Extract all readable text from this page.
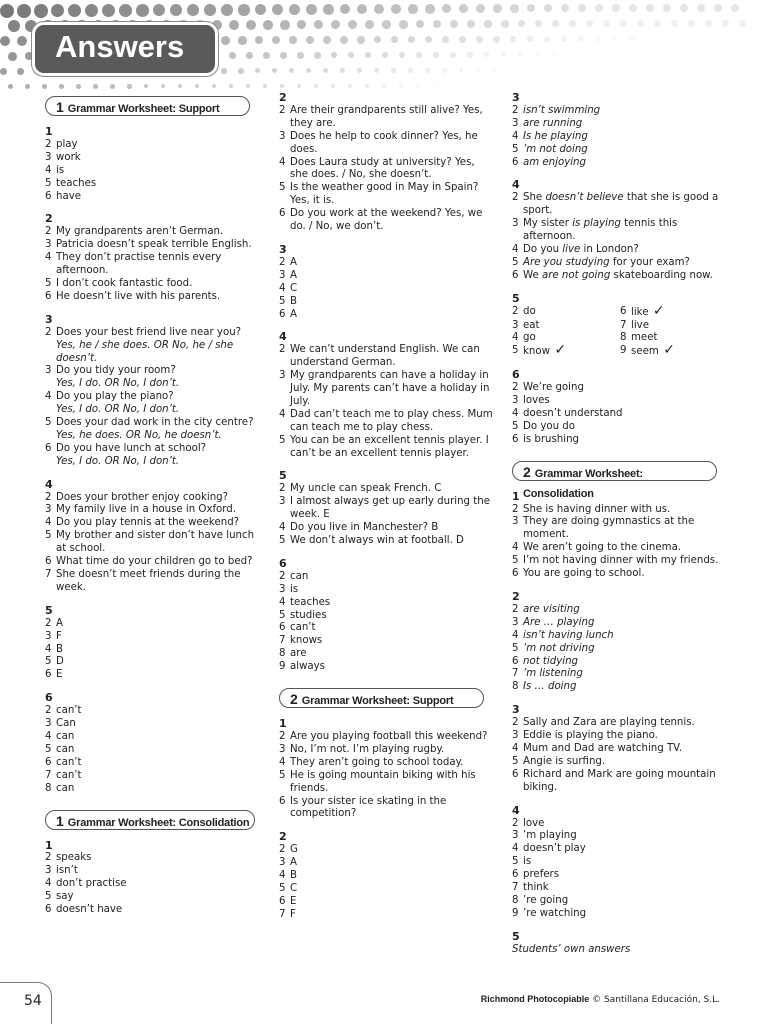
Answers
1 Grammar Worksheet: Support
1
2 play
3 work
4 is
5 teaches
6 have
2
2 My grandparents aren’t German.
3 Patricia doesn’t speak terrible English.
4 They don’t practise tennis every afternoon.
5 I don’t cook fantastic food.
6 He doesn’t live with his parents.
3
2 Does your best friend live near you?
Yes, he / she does. OR No, he / she doesn’t.
3 Do you tidy your room?
Yes, I do. OR No, I don’t.
4 Do you play the piano?
Yes, I do. OR No, I don’t.
5 Does your dad work in the city centre?
Yes, he does. OR No, he doesn’t.
6 Do you have lunch at school?
Yes, I do. OR No, I don’t.
4
2 Does your brother enjoy cooking?
3 My family live in a house in Oxford.
4 Do you play tennis at the weekend?
5 My brother and sister don’t have lunch at school.
6 What time do your children go to bed?
7 She doesn’t meet friends during the week.
5
2 A
3 F
4 B
5 D
6 E
6
2 can’t
3 Can
4 can
5 can
6 can’t
7 can’t
8 can
1 Grammar Worksheet: Consolidation
1
2 speaks
3 isn’t
4 don’t practise
5 say
6 doesn’t have
2
2 Are their grandparents still alive? Yes, they are.
3 Does he help to cook dinner? Yes, he does.
4 Does Laura study at university? Yes, she does. / No, she doesn’t.
5 Is the weather good in May in Spain? Yes, it is.
6 Do you work at the weekend? Yes, we do. / No, we don’t.
3
2 A
3 A
4 C
5 B
6 A
4
2 We can’t understand English. We can understand German.
3 My grandparents can have a holiday in July. My parents can’t have a holiday in July.
4 Dad can’t teach me to play chess. Mum can teach me to play chess.
5 You can be an excellent tennis player. I can’t be an excellent tennis player.
5
2 My uncle can speak French. C
3 I almost always get up early during the week. E
4 Do you live in Manchester? B
5 We don’t always win at football. D
6
2 can
3 is
4 teaches
5 studies
6 can’t
7 knows
8 are
9 always
2 Grammar Worksheet: Support
1
2 Are you playing football this weekend?
3 No, I’m not. I’m playing rugby.
4 They aren’t going to school today.
5 He is going mountain biking with his friends.
6 Is your sister ice skating in the competition?
2
2 G
3 A
4 B
5 C
6 E
7 F
3
2 isn’t swimming
3 are running
4 Is he playing
5 ’m not doing
6 am enjoying
4
2 She doesn’t believe that she is good a sport.
3 My sister is playing tennis this afternoon.
4 Do you live in London?
5 Are you studying for your exam?
6 We are not going skateboarding now.
5
2 do	6 like ✓
3 eat	7 live
4 go	8 meet
5 know ✓	9 seem ✓
6
2 We’re going
3 loves
4 doesn’t understand
5 Do you do
6 is brushing
2 Grammar Worksheet: Consolidation
1
2 She is having dinner with us.
3 They are doing gymnastics at the moment.
4 We aren’t going to the cinema.
5 I’m not having dinner with my friends.
6 You are going to school.
2
2 are visiting
3 Are … playing
4 isn’t having lunch
5 ’m not driving
6 not tidying
7 ’m listening
8 Is … doing
3
2 Sally and Zara are playing tennis.
3 Eddie is playing the piano.
4 Mum and Dad are watching TV.
5 Angie is surfing.
6 Richard and Mark are going mountain biking.
4
2 love
3 ’m playing
4 doesn’t play
5 is
6 prefers
7 think
8 ’re going
9 ’re watching
5
Students’ own answers
54	Richmond Photocopiable © Santillana Educación, S.L.
